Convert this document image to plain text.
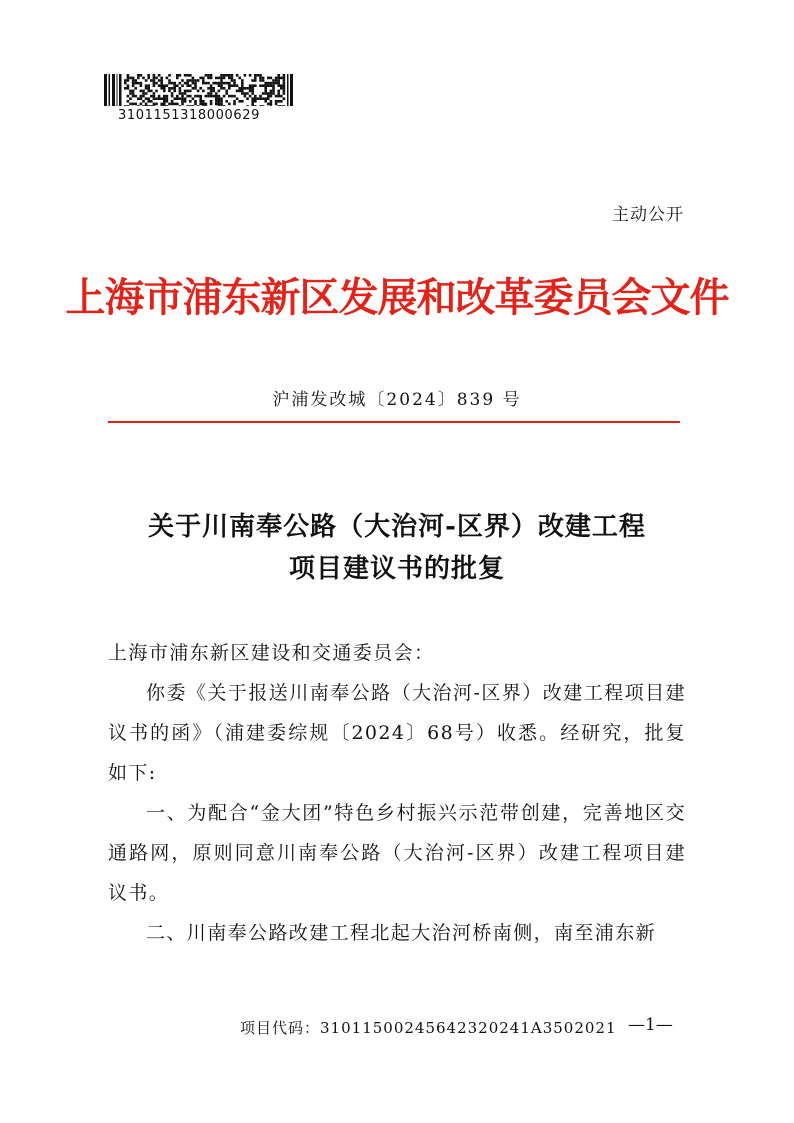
3101151318000629
主动公开
上海市浦东新区发展和改革委员会文件
沪浦发改城〔2024〕839 号
关于川南奉公路（大治河-区界）改建工程
项目建议书的批复

上海市浦东新区建设和交通委员会：

你委《关于报送川南奉公路（大治河-区界）改建工程项目建议书的函》（浦建委综规〔2024〕68号）收悉。经研究，批复如下:

一、为配合“金大团”特色乡村振兴示范带创建，完善地区交通路网，原则同意川南奉公路（大治河-区界）改建工程项目建议书。

二、川南奉公路改建工程北起大治河桥南侧，南至浦东新

项目代码：31011500245642320241A3502021 —1—
